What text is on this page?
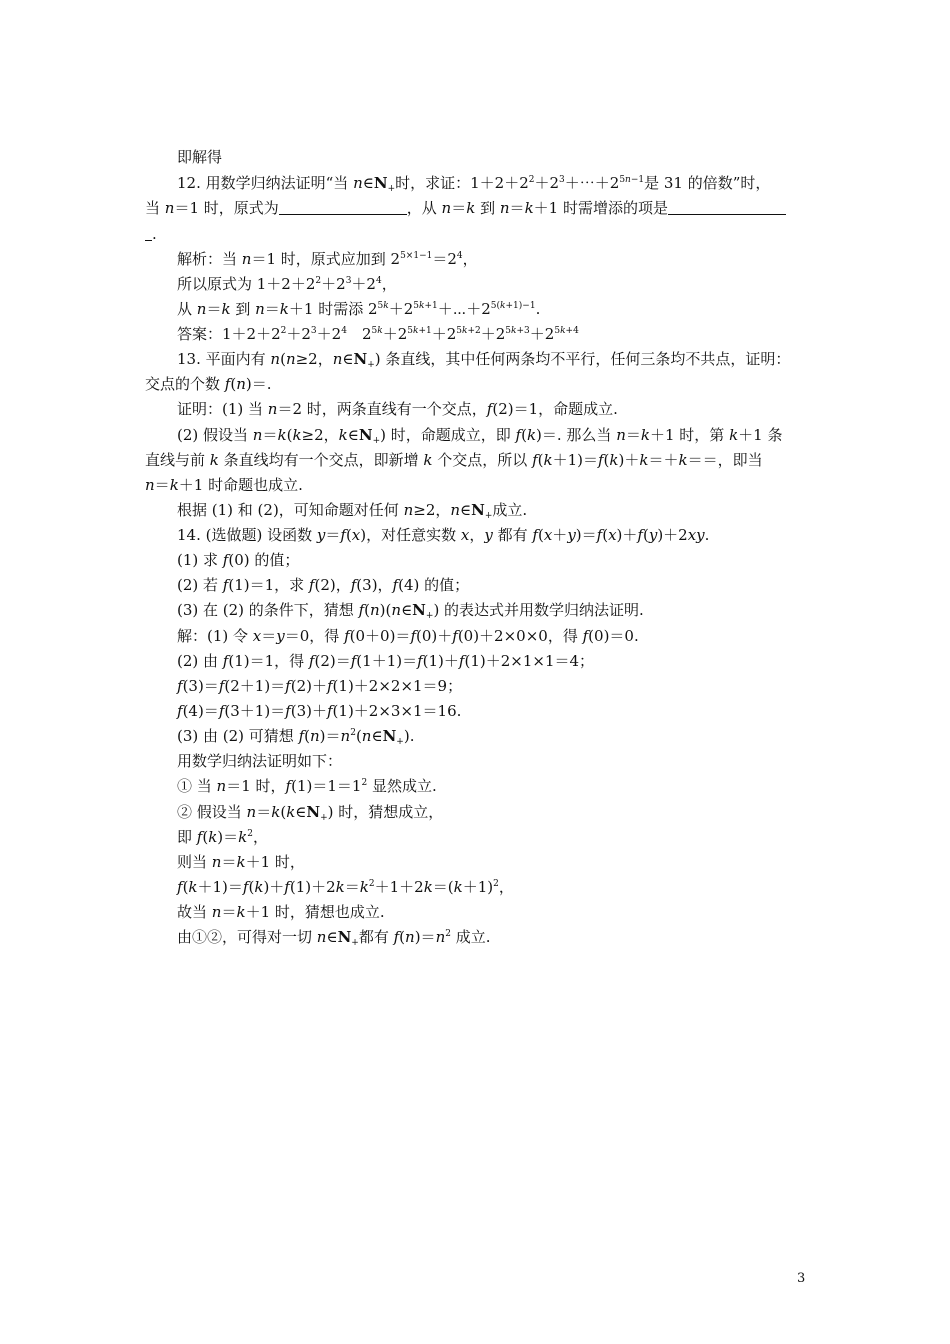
即解得
12. 用数学归纳法证明“当 $n\in N_+$时，求证：$1+2+2^2+2^3+\cdots+2^{5n-1}$是 31 的倍数”时，
当 n＝1 时，原式为	，从 n＝k 到 n＝k＋1 时需增添的项是
.
解析：当 n＝1 时，原式应加到 $2^{5\times 1-1}=2^4$，
所以原式为 $1+2+2^2+2^3+2^4$，
从 n＝k 到 n＝k＋1 时需添 $2^{5k}+2^{5k+1}+\cdots+2^{5(k+1)-1}$.
答案：$1+2+2^2+2^3+2^4$　$2^{5k}+2^{5k+1}+2^{5k+2}+2^{5k+3}+2^{5k+4}$
13. 平面内有 n(n≥2，$n\in N_+$) 条直线，其中任何两条均不平行，任何三条均不共点，证明：
交点的个数 f(n)＝.
证明：(1) 当 n＝2 时，两条直线有一个交点，f(2)＝1，命题成立.
(2) 假设当 n＝k(k≥2，$k\in N_+$) 时，命题成立，即 f(k)＝. 那么当 n＝k＋1 时，第 k＋1 条
直线与前 k 条直线均有一个交点，即新增 k 个交点，所以 f(k＋1)＝f(k)＋k＝＋k＝＝，即当
n＝k＋1 时命题也成立.
根据 (1) 和 (2)，可知命题对任何 n≥2，$n\in N_+$成立.
14. (选做题) 设函数 y＝f(x)，对任意实数 x，y 都有 f(x＋y)＝f(x)＋f(y)＋2xy.
(1) 求 f(0) 的值；
(2) 若 f(1)＝1，求 f(2)，f(3)，f(4) 的值；
(3) 在 (2) 的条件下，猜想 $f(n)(n\in N_+)$ 的表达式并用数学归纳法证明.
解：(1) 令 x＝y＝0，得 f(0＋0)＝f(0)＋f(0)＋2×0×0，得 f(0)＝0.
(2) 由 f(1)＝1，得 f(2)＝f(1＋1)＝f(1)＋f(1)＋2×1×1＝4；
f(3)＝f(2＋1)＝f(2)＋f(1)＋2×2×1＝9；
f(4)＝f(3＋1)＝f(3)＋f(1)＋2×3×1＝16.
(3) 由 (2) 可猜想 $f(n)=n^2(n\in N_+)$.
用数学归纳法证明如下：
① 当 n＝1 时，$f(1)=1=1^2$ 显然成立.
② 假设当 $n=k(k\in N_+)$ 时，猜想成立，
即 $f(k)=k^2$，
则当 n＝k＋1 时，
$f(k+1)=f(k)+f(1)+2k=k^2+1+2k=(k+1)^2$，
故当 n＝k＋1 时，猜想也成立.
由①②，可得对一切 $n\in N_+$都有 $f(n)=n^2$ 成立.
3
